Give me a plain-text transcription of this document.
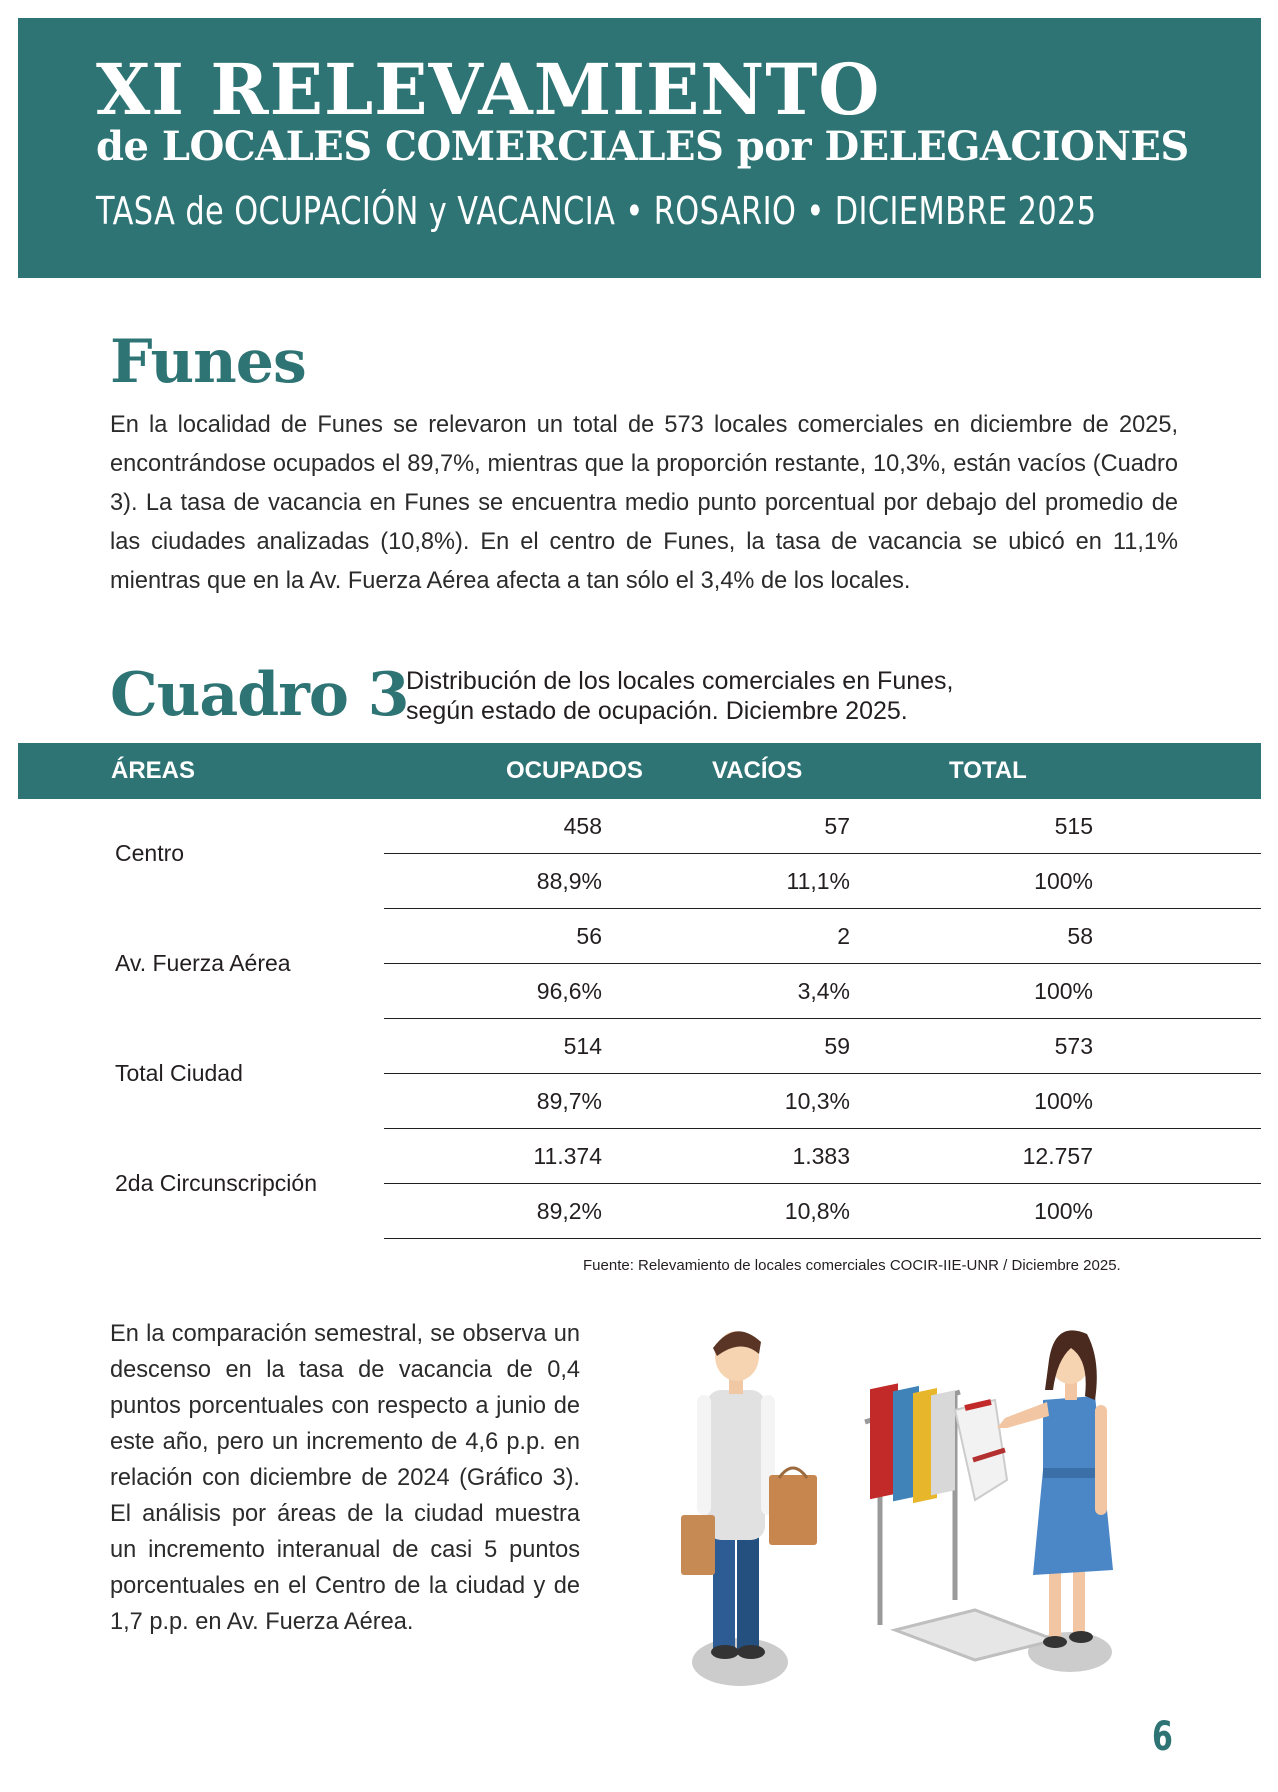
XI RELEVAMIENTO
de LOCALES COMERCIALES por DELEGACIONES
TASA de OCUPACIÓN y VACANCIA • ROSARIO • DICIEMBRE 2025
Funes
En la localidad de Funes se relevaron un total de 573 locales comerciales en diciembre de 2025, encontrándose ocupados el 89,7%, mientras que la proporción restante, 10,3%, están vacíos (Cuadro 3). La tasa de vacancia en Funes se encuentra medio punto porcentual por debajo del promedio de las ciudades analizadas (10,8%). En el centro de Funes, la tasa de vacancia se ubicó en 11,1% mientras que en la Av. Fuerza Aérea afecta a tan sólo el 3,4% de los locales.
Cuadro 3
Distribución de los locales comerciales en Funes,
según estado de ocupación. Diciembre 2025.
ÁREAS	OCUPADOS	VACÍOS	TOTAL	
Centro	458	57	515	
	88,9%	11,1%	100%	
Av. Fuerza Aérea	56	2	58	
	96,6%	3,4%	100%	
Total Ciudad	514	59	573	
	89,7%	10,3%	100%	
2da Circunscripción	11.374	1.383	12.757	
	89,2%	10,8%	100%	
Fuente: Relevamiento de locales comerciales COCIR-IIE-UNR / Diciembre 2025.
En la comparación semestral, se observa un descenso en la tasa de vacancia de 0,4 puntos porcentuales con respecto a junio de este año, pero un incremento de 4,6 p.p. en relación con diciembre de 2024 (Gráfico 3). El análisis por áreas de la ciudad muestra un incremento interanual de casi 5 puntos porcentuales en el Centro de la ciudad y de 1,7 p.p. en Av. Fuerza Aérea.
6
